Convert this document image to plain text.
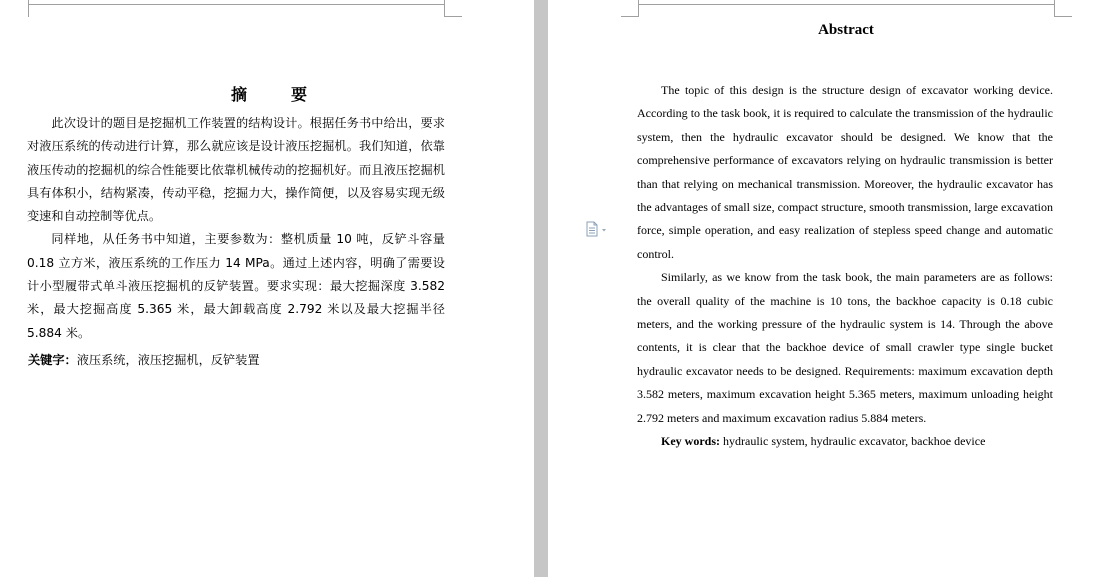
摘　要

此次设计的题目是挖掘机工作装置的结构设计。根据任务书中给出，要求对液压系统的传动进行计算，那么就应该是设计液压挖掘机。我们知道，依靠液压传动的挖掘机的综合性能要比依靠机械传动的挖掘机好。而且液压挖掘机具有体积小，结构紧凑，传动平稳，挖掘力大，操作简便，以及容易实现无级变速和自动控制等优点。

同样地，从任务书中知道，主要参数为：整机质量 10 吨，反铲斗容量 0.18 立方米，液压系统的工作压力 14 MPa。通过上述内容，明确了需要设计小型履带式单斗液压挖掘机的反铲装置。要求实现：最大挖掘深度 3.582 米，最大挖掘高度 5.365 米，最大卸载高度 2.792 米以及最大挖掘半径 5.884 米。

关键字：液压系统，液压挖掘机，反铲装置
Abstract

The topic of this design is the structure design of excavator working device. According to the task book, it is required to calculate the transmission of the hydraulic system, then the hydraulic excavator should be designed. We know that the comprehensive performance of excavators relying on hydraulic transmission is better than that relying on mechanical transmission. Moreover, the hydraulic excavator has the advantages of small size, compact structure, smooth transmission, large excavation force, simple operation, and easy realization of stepless speed change and automatic control.

Similarly, as we know from the task book, the main parameters are as follows: the overall quality of the machine is 10 tons, the backhoe capacity is 0.18 cubic meters, and the working pressure of the hydraulic system is 14. Through the above contents, it is clear that the backhoe device of small crawler type single bucket hydraulic excavator needs to be designed. Requirements: maximum excavation depth 3.582 meters, maximum excavation height 5.365 meters, maximum unloading height 2.792 meters and maximum excavation radius 5.884 meters.

Key words: hydraulic system, hydraulic excavator, backhoe device
